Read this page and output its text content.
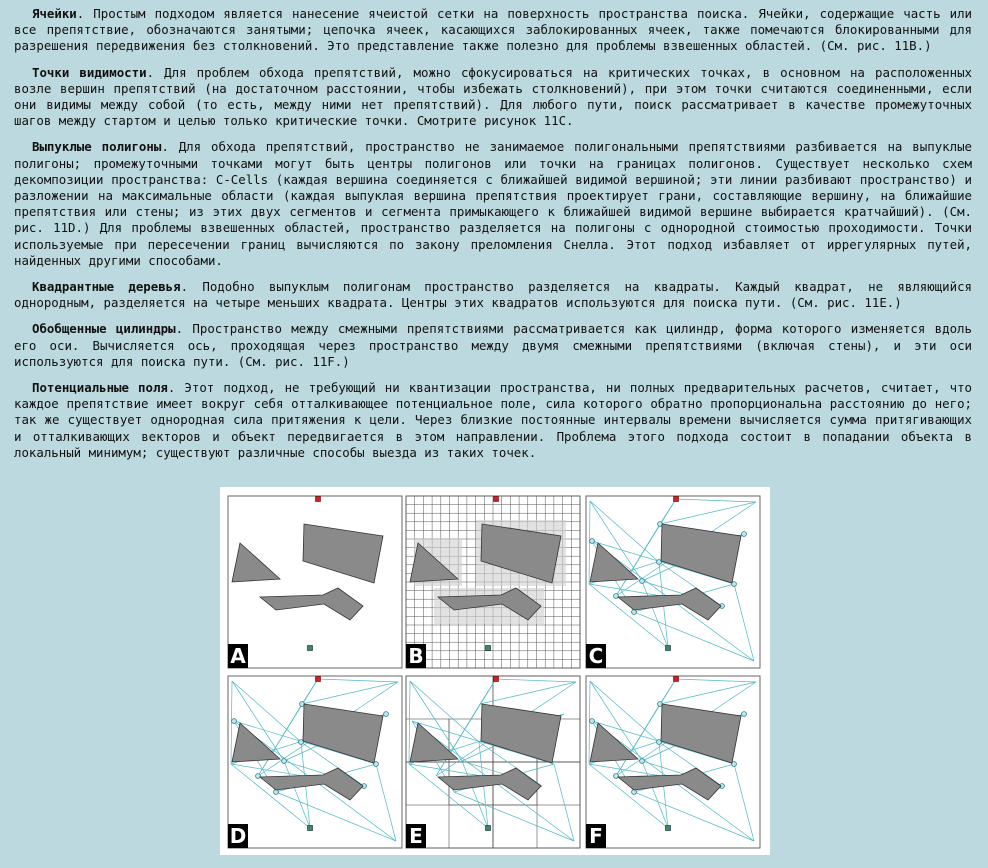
Ячейки. Простым подходом является нанесение ячеистой сетки на поверхность пространства поиска. Ячейки, содержащие часть или все препятствие, обозначаются занятыми; цепочка ячеек, касающихся заблокированных ячеек, также помечаются блокированными для разрешения передвижения без столкновений. Это представление также полезно для проблемы взвешенных областей. (См. рис. 11B.)

Точки видимости. Для проблем обхода препятствий, можно сфокусироваться на критических точках, в основном на расположенных возле вершин препятствий (на достаточном расстоянии, чтобы избежать столкновений), при этом точки считаются соединенными, если они видимы между собой (то есть, между ними нет препятствий). Для любого пути, поиск рассматривает в качестве промежуточных шагов между стартом и целью только критические точки. Смотрите рисунок 11C.

Выпуклые полигоны. Для обхода препятствий, пространство не занимаемое полигональными препятствиями разбивается на выпуклые полигоны; промежуточными точками могут быть центры полигонов или точки на границах полигонов. Существует несколько схем декомпозиции пространства: C-Cells (каждая вершина соединяется с ближайшей видимой вершиной; эти линии разбивают пространство) и разложении на максимальные области (каждая выпуклая вершина препятствия проектирует грани, составляющие вершину, на ближайшие препятствия или стены; из этих двух сегментов и сегмента примыкающего к ближайшей видимой вершине выбирается кратчайший). (См. рис. 11D.) Для проблемы взвешенных областей, пространство разделяется на полигоны с однородной стоимостью проходимости. Точки используемые при пересечении границ вычисляются по закону преломления Снелла. Этот подход избавляет от иррегулярных путей, найденных другими способами.

Квадрантные деревья. Подобно выпуклым полигонам пространство разделяется на квадраты. Каждый квадрат, не являющийся однородным, разделяется на четыре меньших квадрата. Центры этих квадратов используются для поиска пути. (См. рис. 11E.)

Обобщенные цилиндры. Пространство между смежными препятствиями рассматривается как цилиндр, форма которого изменяется вдоль его оси. Вычисляется ось, проходящая через пространство между двумя смежными препятствиями (включая стены), и эти оси используются для поиска пути. (См. рис. 11F.)

Потенциальные поля. Этот подход, не требующий ни квантизации пространства, ни полных предварительных расчетов, считает, что каждое препятствие имеет вокруг себя отталкивающее потенциальное поле, сила которого обратно пропорциональна расстоянию до него; так же существует однородная сила притяжения к цели. Через близкие постоянные интервалы времени вычисляется сумма притягивающих и отталкивающих векторов и объект передвигается в этом направлении. Проблема этого подхода состоит в попадании объекта в локальный минимум; существуют различные способы выезда из таких точек.

A	B	C
D	E	F
